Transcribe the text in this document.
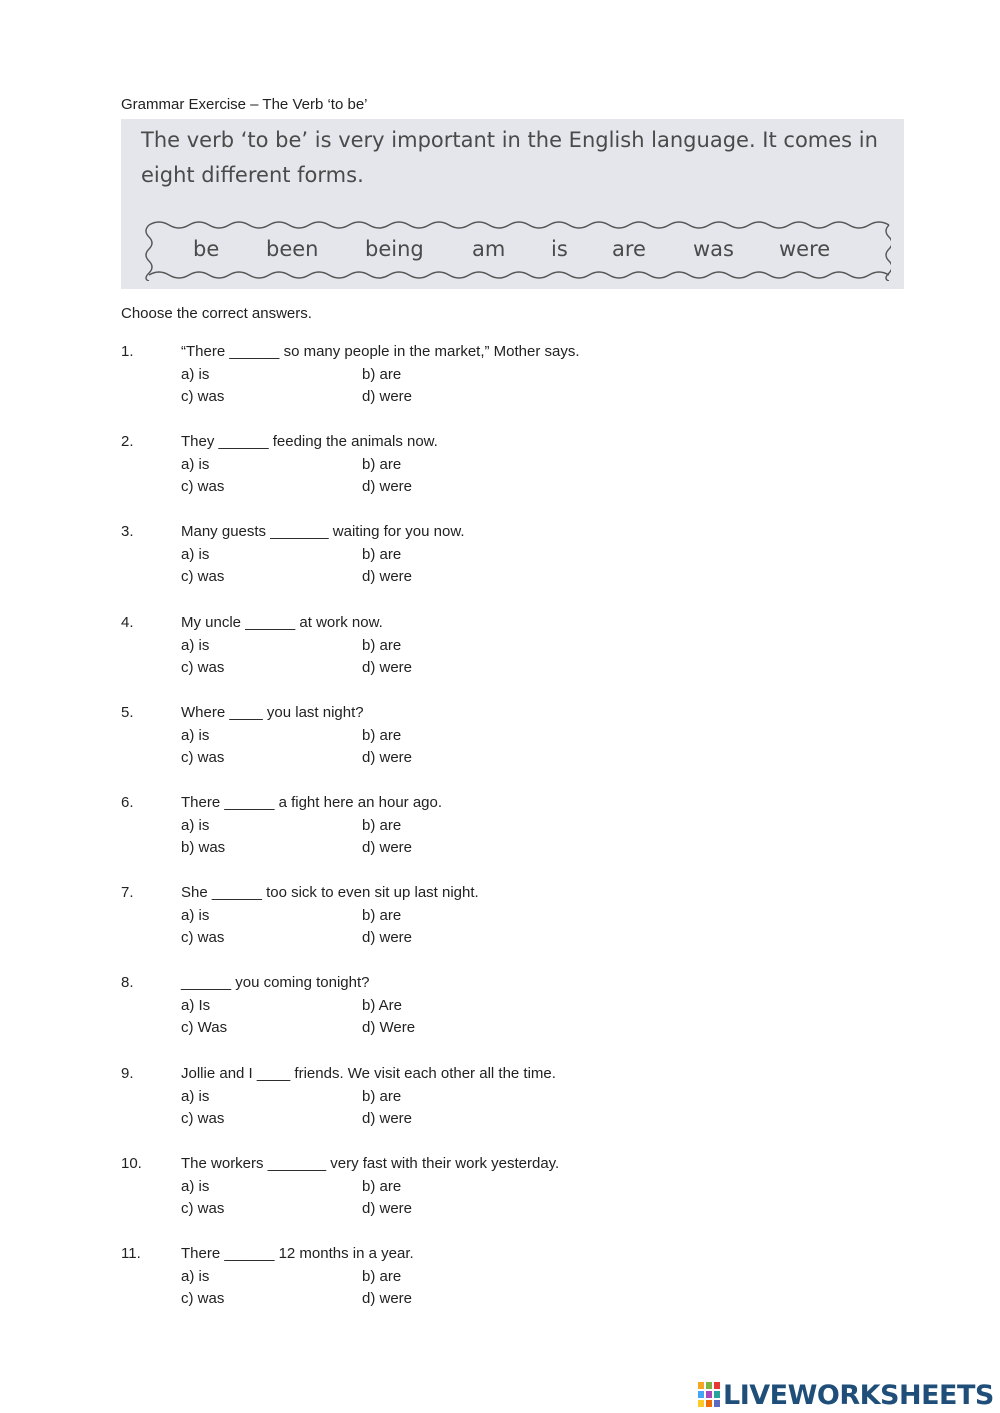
Grammar Exercise – The Verb ‘to be’
The verb ‘to be’ is very important in the English language. It comes in eight different forms.
be been being am is are was were
Choose the correct answers.
1.	“There ______ so many people in the market,” Mother says.
a) is	b) are
c) was	d) were
2.	They ______ feeding the animals now.
a) is	b) are
c) was	d) were
3.	Many guests _______ waiting for you now.
a) is	b) are
c) was	d) were
4.	My uncle ______ at work now.
a) is	b) are
c) was	d) were
5.	Where ____ you last night?
a) is	b) are
c) was	d) were
6.	There ______ a fight here an hour ago.
a) is	b) are
b) was	d) were
7.	She ______ too sick to even sit up last night.
a) is	b) are
c) was	d) were
8.	______ you coming tonight?
a) Is	b) Are
c) Was	d) Were
9.	Jollie and I ____ friends. We visit each other all the time.
a) is	b) are
c) was	d) were
10.	The workers _______ very fast with their work yesterday.
a) is	b) are
c) was	d) were
11.	There ______ 12 months in a year.
a) is	b) are
c) was	d) were
LIVEWORKSHEETS
